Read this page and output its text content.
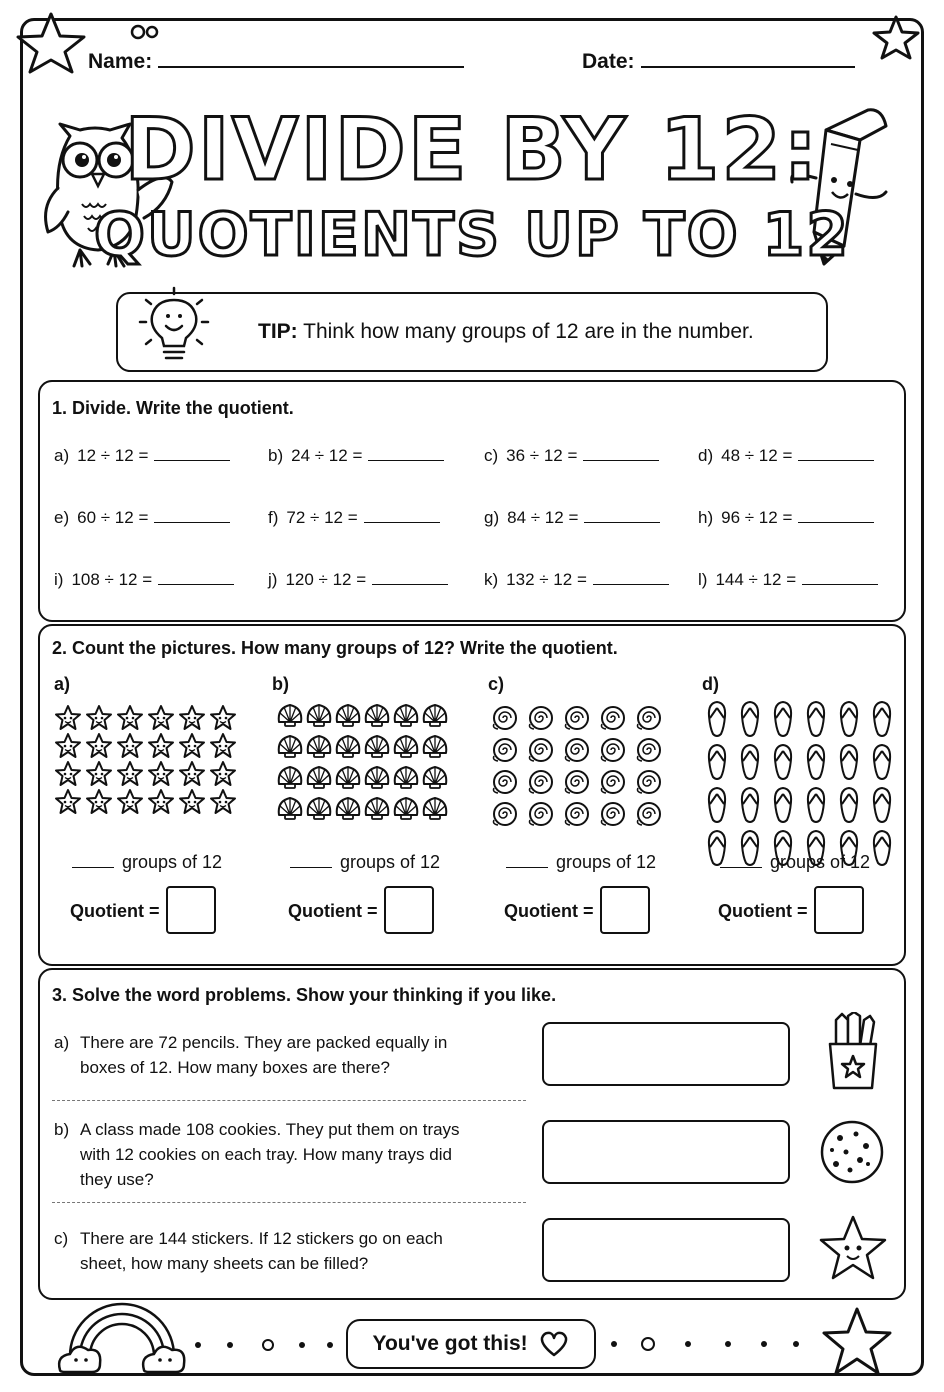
Name:	Date:
DIVIDE BY 12:
QUOTIENTS UP TO 12
TIP: Think how many groups of 12 are in the number.
1. Divide. Write the quotient.
a) 12 ÷ 12 =	b) 24 ÷ 12 =	c) 36 ÷ 12 =	d) 48 ÷ 12 =
e) 60 ÷ 12 =	f) 72 ÷ 12 =	g) 84 ÷ 12 =	h) 96 ÷ 12 =
i) 108 ÷ 12 =	j) 120 ÷ 12 =	k) 132 ÷ 12 =	l) 144 ÷ 12 =
2. Count the pictures. How many groups of 12? Write the quotient.
a)
groups of 12
Quotient =
b)
groups of 12
Quotient =
c)
groups of 12
Quotient =
d)
groups of 12
Quotient =
3. Solve the word problems. Show your thinking if you like.
a) There are 72 pencils. They are packed equally in
boxes of 12. How many boxes are there?
b) A class made 108 cookies. They put them on trays
with 12 cookies on each tray. How many trays did
they use?
c) There are 144 stickers. If 12 stickers go on each
sheet, how many sheets can be filled?
You've got this!
